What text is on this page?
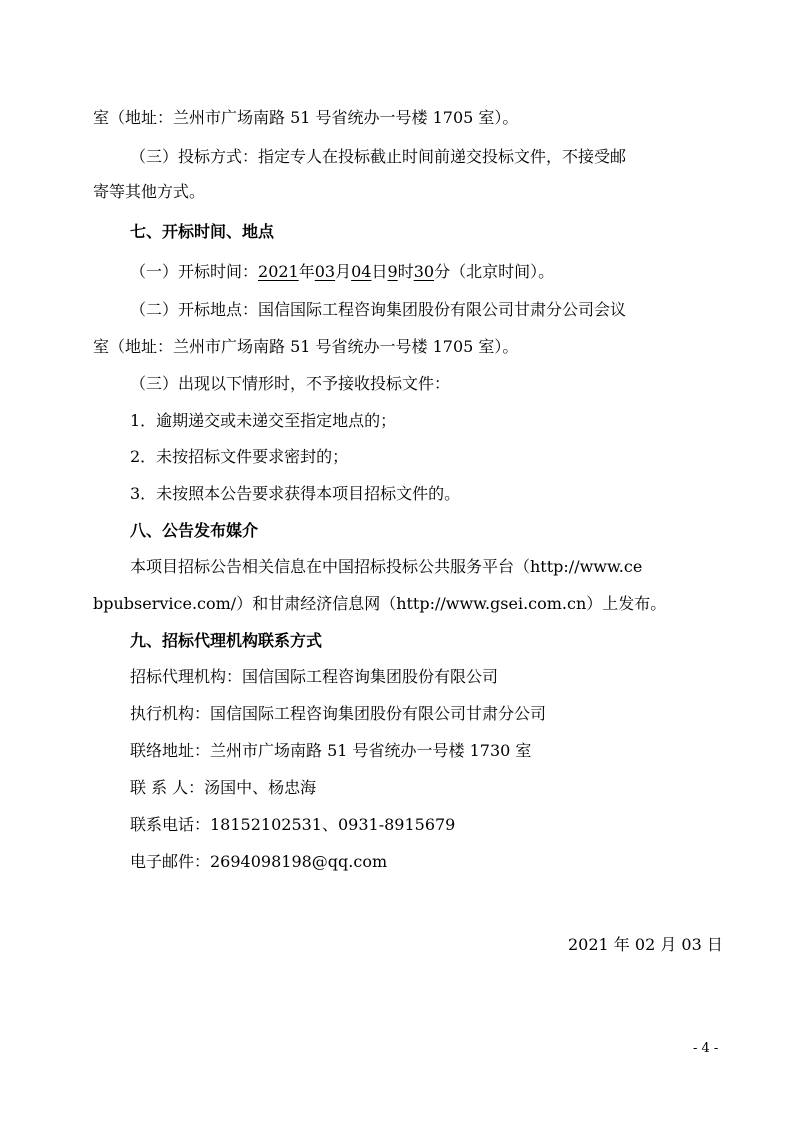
室（地址：兰州市广场南路 51 号省统办一号楼 1705 室）。
（三）投标方式：指定专人在投标截止时间前递交投标文件，不接受邮
寄等其他方式。
七、开标时间、地点
（一）开标时间：2021年03月04日9时30分（北京时间）。
（二）开标地点：国信国际工程咨询集团股份有限公司甘肃分公司会议
室（地址：兰州市广场南路 51 号省统办一号楼 1705 室）。
（三）出现以下情形时，不予接收投标文件：
1．逾期递交或未递交至指定地点的；
2．未按招标文件要求密封的；
3．未按照本公告要求获得本项目招标文件的。
八、公告发布媒介
本项目招标公告相关信息在中国招标投标公共服务平台（http://www.ce
bpubservice.com/）和甘肃经济信息网（http://www.gsei.com.cn）上发布。
九、招标代理机构联系方式
招标代理机构：国信国际工程咨询集团股份有限公司
执行机构：国信国际工程咨询集团股份有限公司甘肃分公司
联络地址：兰州市广场南路 51 号省统办一号楼 1730 室
联 系 人：汤国中、杨忠海
联系电话：18152102531、0931-8915679
电子邮件：2694098198@qq.com
2021 年 02 月 03 日
- 4 -
